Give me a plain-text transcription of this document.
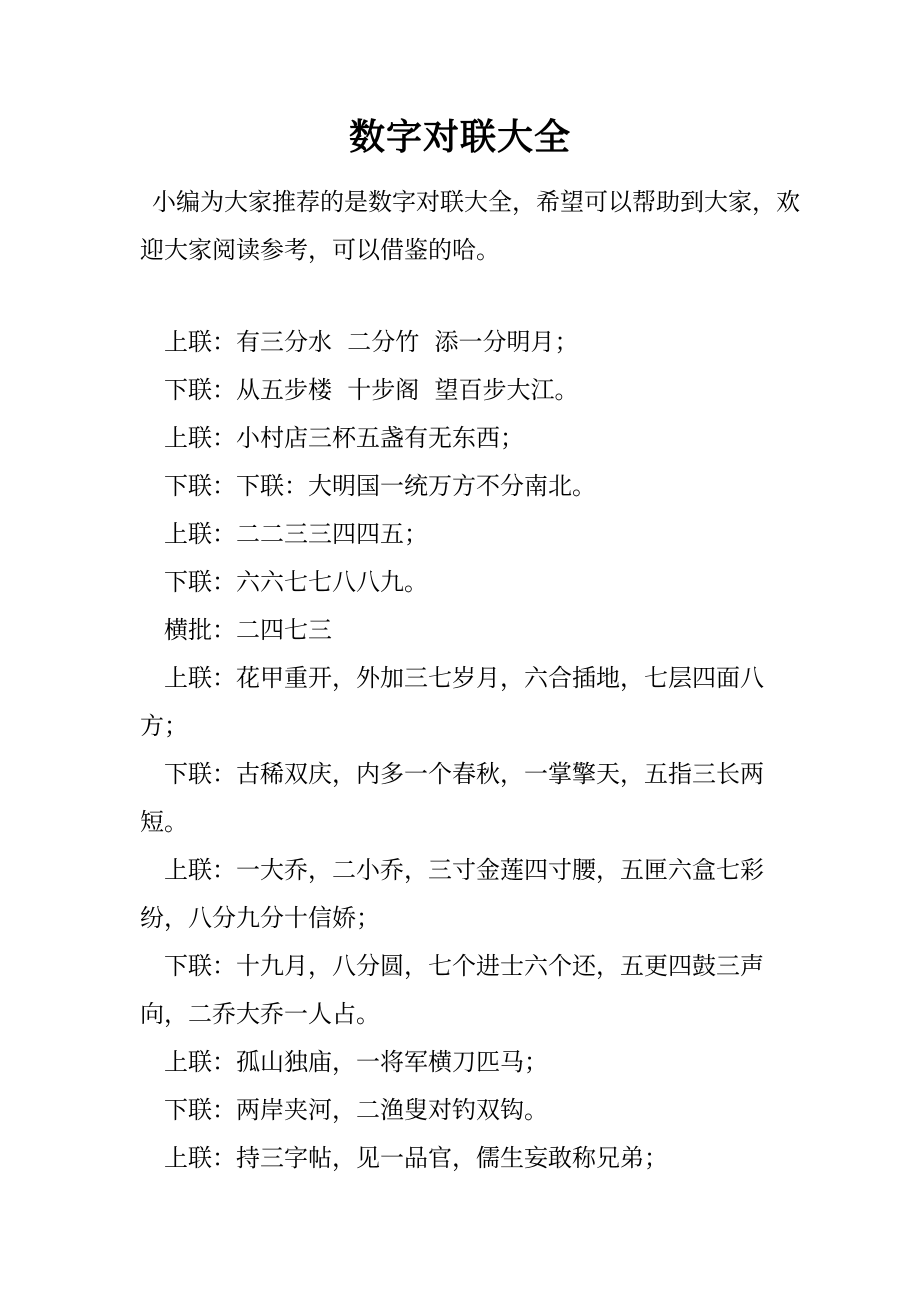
数字对联大全

小编为大家推荐的是数字对联大全，希望可以帮助到大家，欢迎大家阅读参考，可以借鉴的哈。

上联：有三分水  二分竹  添一分明月；

下联：从五步楼  十步阁  望百步大江。

上联：小村店三杯五盏有无东西；

下联：下联：大明国一统万方不分南北。

上联：二二三三四四五；

下联：六六七七八八九。

横批：二四七三

上联：花甲重开，外加三七岁月，六合插地，七层四面八方；

下联：古稀双庆，内多一个春秋，一掌擎天，五指三长两短。

上联：一大乔，二小乔，三寸金莲四寸腰，五匣六盒七彩纷，八分九分十信娇；

下联：十九月，八分圆，七个进士六个还，五更四鼓三声向，二乔大乔一人占。

上联：孤山独庙，一将军横刀匹马；

下联：两岸夹河，二渔叟对钓双钩。

上联：持三字帖，见一品官，儒生妄敢称兄弟；
